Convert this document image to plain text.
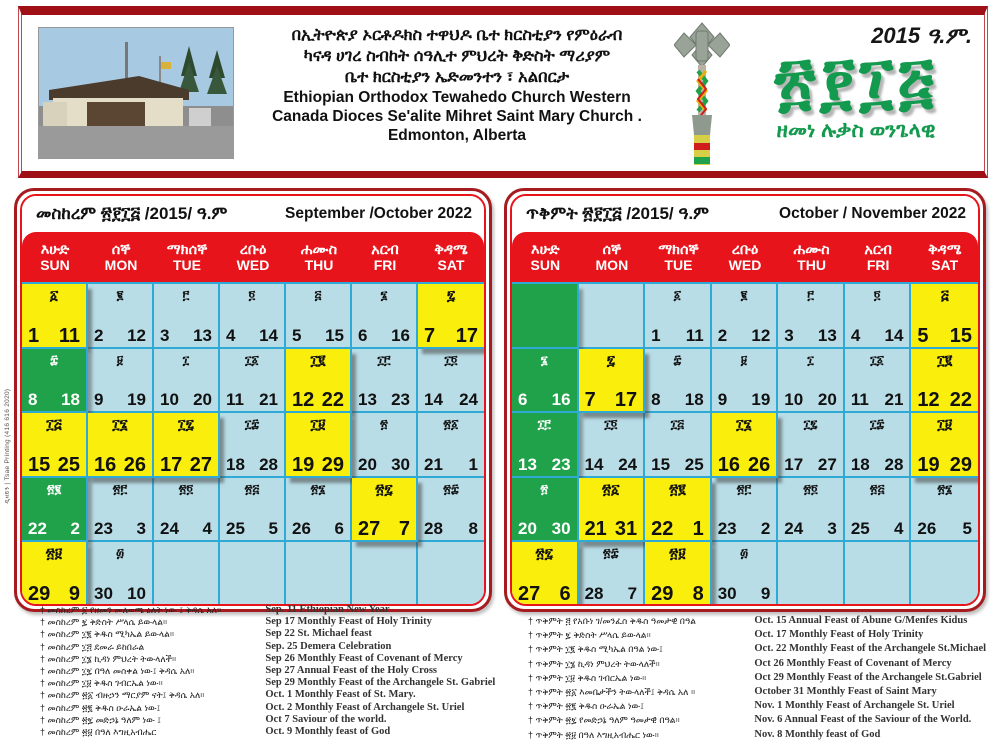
በኢትዮጵያ ኦርቶዶክስ ተዋህዶ ቤተ ክርስቲያን የምዕራብ
ካናዳ ሀገረ ስብከት ሰዓሊተ ምህረት ቅድስት ማሪያም
ቤተ ክርስቲያን ኤድመንተን ፣ አልበርታ
Ethiopian Orthodox Tewahedo Church Western
Canada Dioces Se'alite Mihret Saint Mary Church .
Edmonton, Alberta
2015 ዓ.ም.
፳፻፲፭
ዘመነ ሉቃስ ወንጌላዊ
መስከረም ፳፻፲፭ /2015/ ዓ.ም	September /October 2022
እሁድ
SUN
ሰኞ
MON
ማክሰኞ
TUE
ረቡዕ
WED
ሐሙስ
THU
አርብ
FRI
ቅዳሜ
SAT
፩
1 11
፪
2 12
፫
3 13
፬
4 14
፭
5 15
፮
6 16
፯
7 17
፰
8 18
፱
9 19
፲
10 20
፲፩
11 21
፲፪
12 22
፲፫
13 23
፲፬
14 24
፲፭
15 25
፲፮
16 26
፲፯
17 27
፲፰
18 28
፲፱
19 29
፳
20 30
፳፩
21 1
፳፪
22 2
፳፫
23 3
፳፬
24 4
፳፭
25 5
፳፮
26 6
፳፯
27 7
፳፰
28 8
፳፱
29 9
፴
30 10
ጥቅምት ፳፻፲፭ /2015/ ዓ.ም	October / November 2022
እሁድ
SUN
ሰኞ
MON
ማክሰኞ
TUE
ረቡዕ
WED
ሐሙስ
THU
አርብ
FRI
ቅዳሜ
SAT
፩
1 11
፪
2 12
፫
3 13
፬
4 14
፭
5 15
፮
6 16
፯
7 17
፰
8 18
፱
9 19
፲
10 20
፲፩
11 21
፲፪
12 22
፲፫
13 23
፲፬
14 24
፲፭
15 25
፲፮
16 26
፲፯
17 27
፲፰
18 28
፲፱
19 29
፳
20 30
፳፩
21 31
፳፪
22 1
፳፫
23 2
፳፬
24 3
፳፭
25 4
፳፮
26 5
፳፯
27 6
፳፰
28 7
፳፱
29 8
፴
30 9
† መስከረም ፩ የዘመን መለወጫ ዕለት ነው ፤ ቅዳሴ አለ።
† መስከረም ፯ ቅድስት ሥላሴ ይውላል።
† መስከረም ፲፪ ቅዱስ ሚካኤል ይውላል።
† መስከረም ፲፭ ደመራ ይከበራል
† መስከረም ፲፮ ኪዳነ ምህረት ትውላለች።
† መስከረም ፲፯ በዓለ መስቀል ነው፤ ቅዳሴ አለ።
† መስከረም ፲፱ ቅዱስ ገብርኤል ነው።
† መስከረም ፳፩ ብዙኃን ማርያም ናት፤ ቅዳሴ አለ።
† መስከረም ፳፪ ቅዱስ ዑራኤል ነው፤
† መስከረም ፳፯ መድኃኔ ዓለም ነው ፤
† መስከረም ፳፱ በዓለ እግዚአብሔር
Sep. 11 Ethiopian New Year
Sep 17 Monthly Feast of Holy Trinity
Sep 22 St. Michael feast
Sep. 25 Demera Celebration
Sep 26 Monthly Feast of Covenant of Mercy
Sep 27 Annual Feast of the Holy Cross
Sep 29 Monthly Feast of the Archangele St. Gabriel
Oct. 1 Monthly Feast of St. Mary.
Oct. 2 Monthly Feast of Archangele St. Uriel
Oct 7 Saviour of the world.
Oct. 9 Monthly feast of God
† ጥቅምት ፭ የአቡነ ገ/መንፈስ ቅዱስ ዓመታዊ በዓል
† ጥቅምት ፯ ቅድስት ሥላሴ ይውላል።
† ጥቅምት ፲፪ ቅዱስ ሚካኤል በዓል ነው፤
† ጥቅምት ፲፮ ኪዳነ ምህረት ትውላለች።
† ጥቅምት ፲፱ ቅዱስ ገብርኤል ነው።
† ጥቅምት ፳፩ እመቤታችን ትውላለች፤ ቅዳሴ አለ ።
† ጥቅምት ፳፪ ቅዱስ ዑራኤል ነው፤
† ጥቅምት ፳፯ የመድኃኔ ዓለም ዓመታዊ በዓል።
† ጥቅምት ፳፱ በዓለ እግዚአብሔር ነው።
Oct. 15 Annual Feast of Abune G/Menfes Kidus
Oct. 17 Monthly Feast of Holy Trinity
Oct. 22 Monthly Feast of the Archangele St.Michael
Oct 26 Monthly Feast of Covenant of Mercy
Oct 29 Monthly Feast of the Archangele St.Gabriel
October 31 Monthly Feast of Saint Mary
Nov. 1 Monthly Feast of Archangele St. Uriel
Nov. 6 Annual Feast of the Saviour of the World.
Nov. 8 Monthly feast of God
ዲዛይን | Tsae Printing (416 616 2020)
